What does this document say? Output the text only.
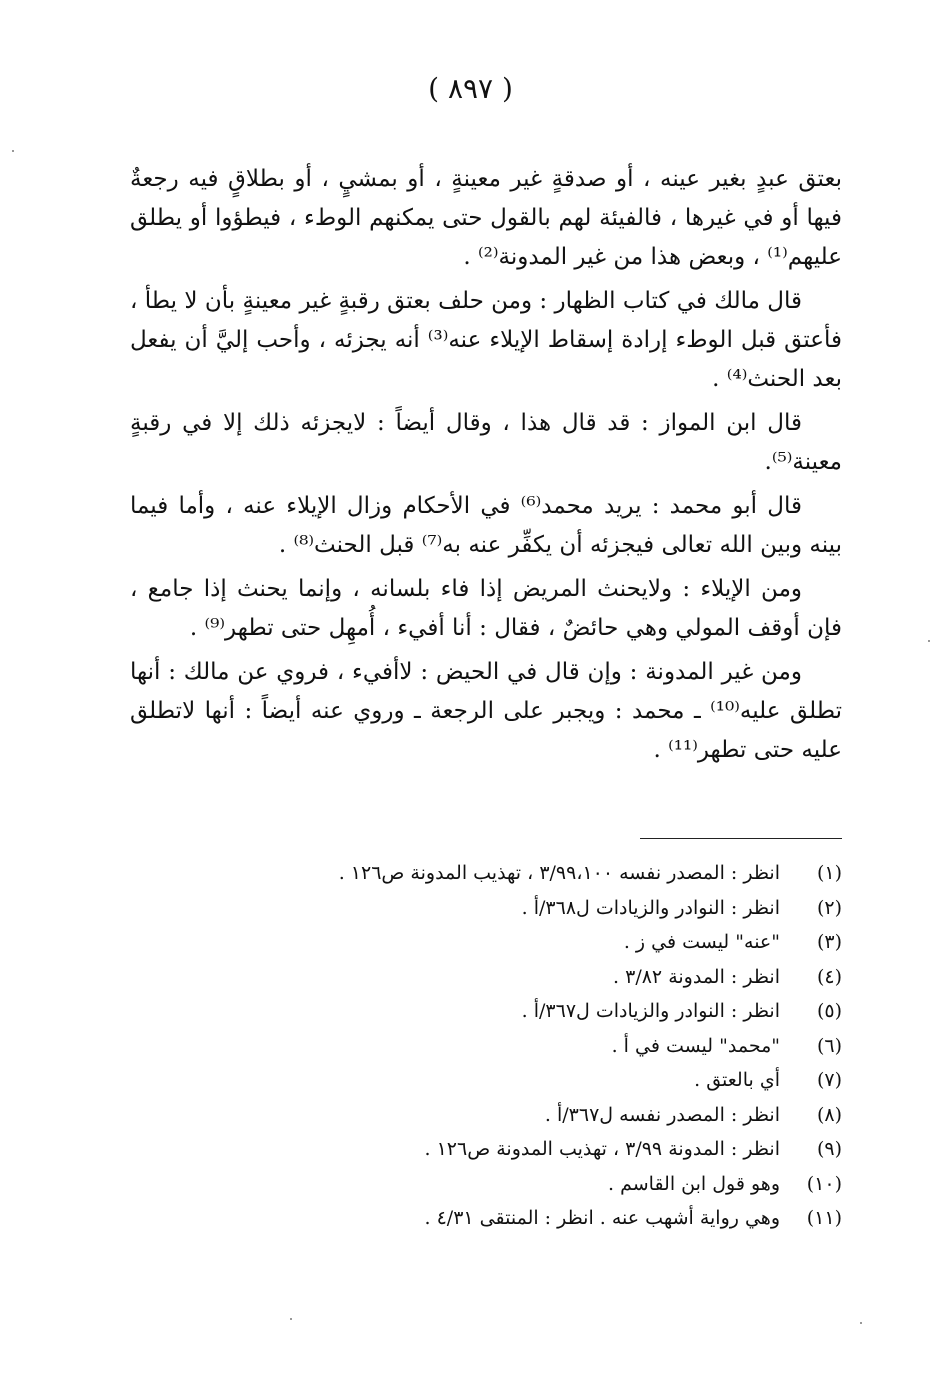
( ٨٩٧ )

بعتق عبدٍ بغير عينه ، أو صدقةٍ غير معينةٍ ، أو بمشيٍ ، أو بطلاقٍ فيه رجعةٌ فيها أو في غيرها ، فالفيئة لهم بالقول حتى يمكنهم الوطء ، فيطؤوا أو يطلق عليهم⁽¹⁾ ، وبعض هذا من غير المدونة⁽²⁾ .

قال مالك في كتاب الظهار : ومن حلف بعتق رقبةٍ غير معينةٍ بأن لا يطأ ، فأعتق قبل الوطء إرادة إسقاط الإيلاء عنه⁽³⁾ أنه يجزئه ، وأحب إليَّ أن يفعل بعد الحنث⁽⁴⁾ .

قال ابن المواز : قد قال هذا ، وقال أيضاً : لايجزئه ذلك إلا في رقبةٍ معينة⁽⁵⁾.

قال أبو محمد : يريد محمد⁽⁶⁾ في الأحكام وزال الإيلاء عنه ، وأما فيما بينه وبين الله تعالى فيجزئه أن يكفِّر عنه به⁽⁷⁾ قبل الحنث⁽⁸⁾ .

ومن الإيلاء : ولايحنث المريض إذا فاء بلسانه ، وإنما يحنث إذا جامع ، فإن أوقف المولي وهي حائضٌ ، فقال : أنا أفيء ، أُمهِل حتى تطهر⁽⁹⁾ .

ومن غير المدونة : وإن قال في الحيض : لاأفيء ، فروي عن مالك : أنها تطلق عليه⁽¹⁰⁾ ـ محمد : ويجبر على الرجعة ـ وروي عنه أيضاً : أنها لاتطلق عليه حتى تطهر⁽¹¹⁾ .

(١)
انظر : المصدر نفسه ٣/٩٩،١٠٠ ، تهذيب المدونة ص١٢٦ .
(٢)
انظر : النوادر والزيادات ل٣٦٨/أ .
(٣)
"عنه" ليست في ز .
(٤)
انظر : المدونة ٣/٨٢ .
(٥)
انظر : النوادر والزيادات ل٣٦٧/أ .
(٦)
"محمد" ليست في أ .
(٧)
أي بالعتق .
(٨)
انظر : المصدر نفسه ل٣٦٧/أ .
(٩)
انظر : المدونة ٣/٩٩ ، تهذيب المدونة ص١٢٦ .
(١٠)
وهو قول ابن القاسم .
(١١)
وهي رواية أشهب عنه . انظر : المنتقى ٤/٣١ .
